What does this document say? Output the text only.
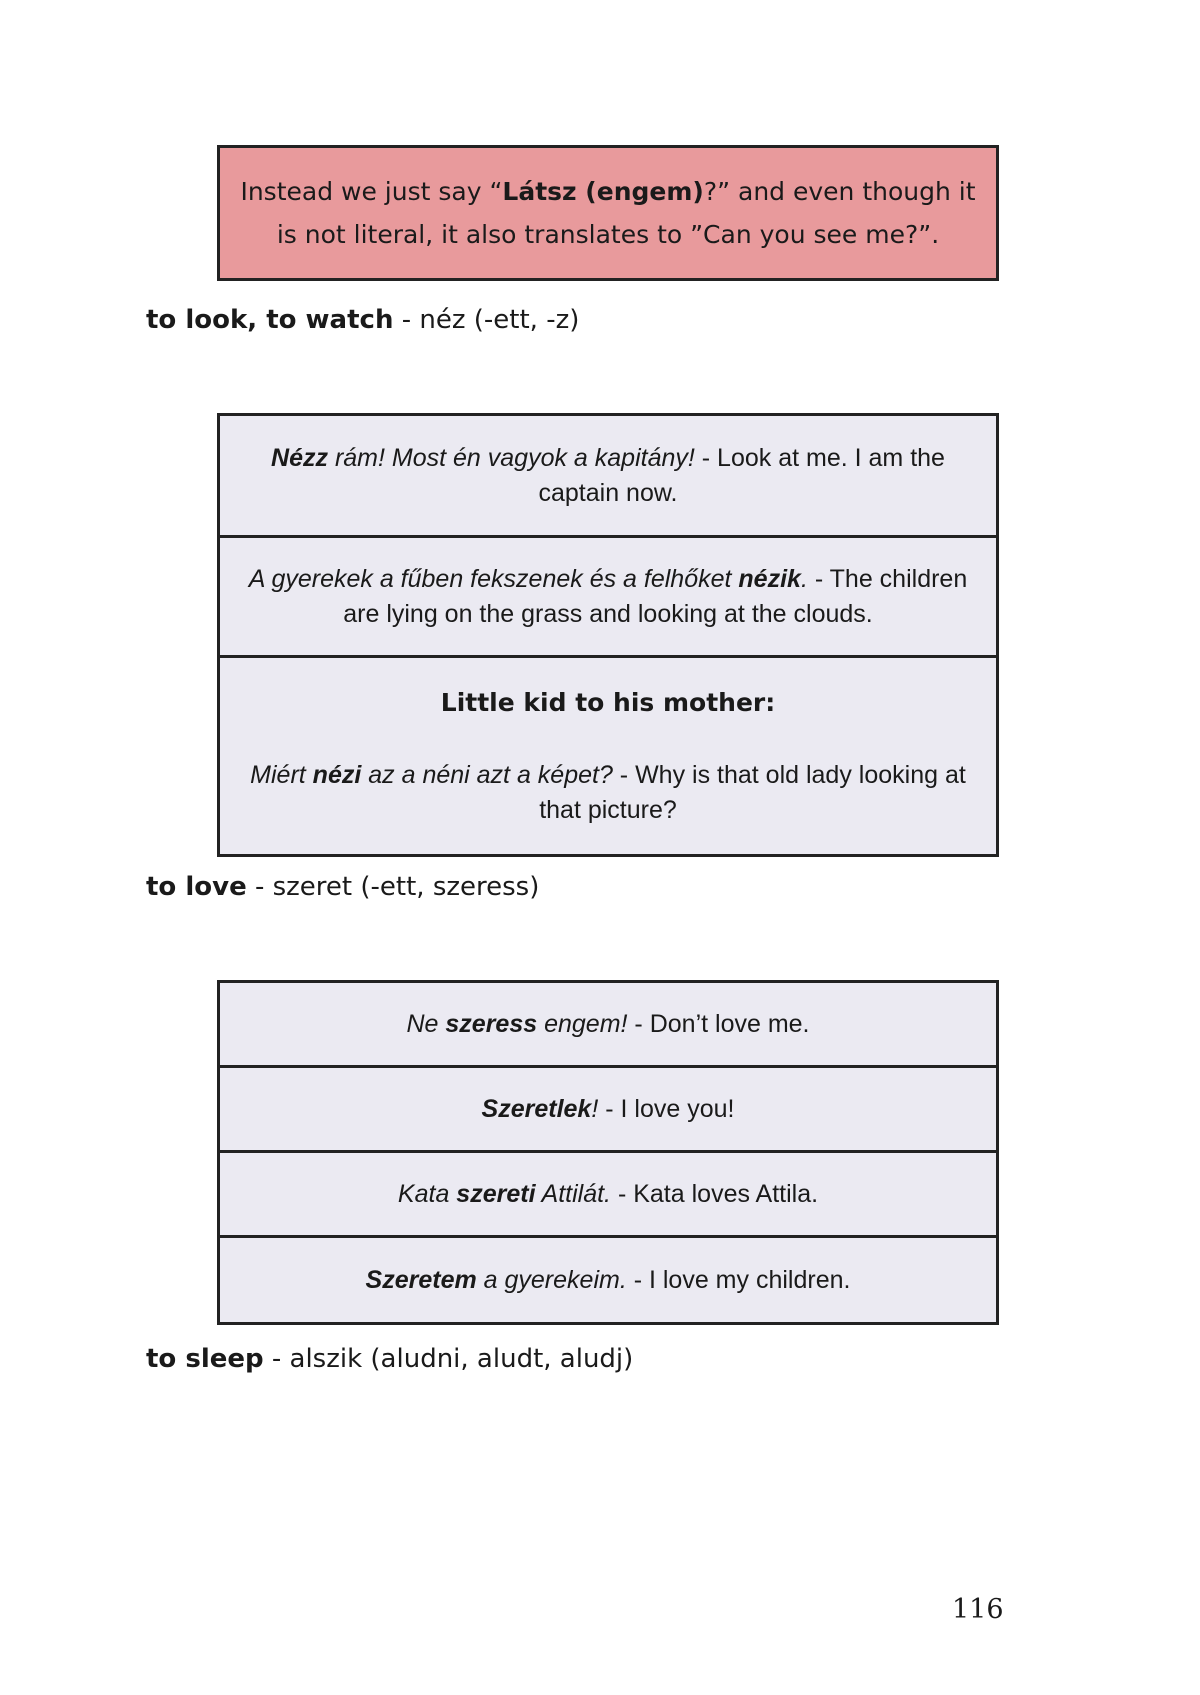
Instead we just say “Látsz (engem)?” and even though it is not literal, it also translates to ”Can you see me?”.
to look, to watch - néz (-ett, -z)
Nézz rám! Most én vagyok a kapitány! - Look at me. I am the captain now.
A gyerekek a fűben fekszenek és a felhőket nézik. - The children are lying on the grass and looking at the clouds.
Little kid to his mother:
Miért nézi az a néni azt a képet? - Why is that old lady looking at that picture?
to love - szeret (-ett, szeress)
Ne szeress engem! - Don’t love me.
Szeretlek! - I love you!
Kata szereti Attilát. - Kata loves Attila.
Szeretem a gyerekeim. - I love my children.
to sleep - alszik (aludni, aludt, aludj)
116
